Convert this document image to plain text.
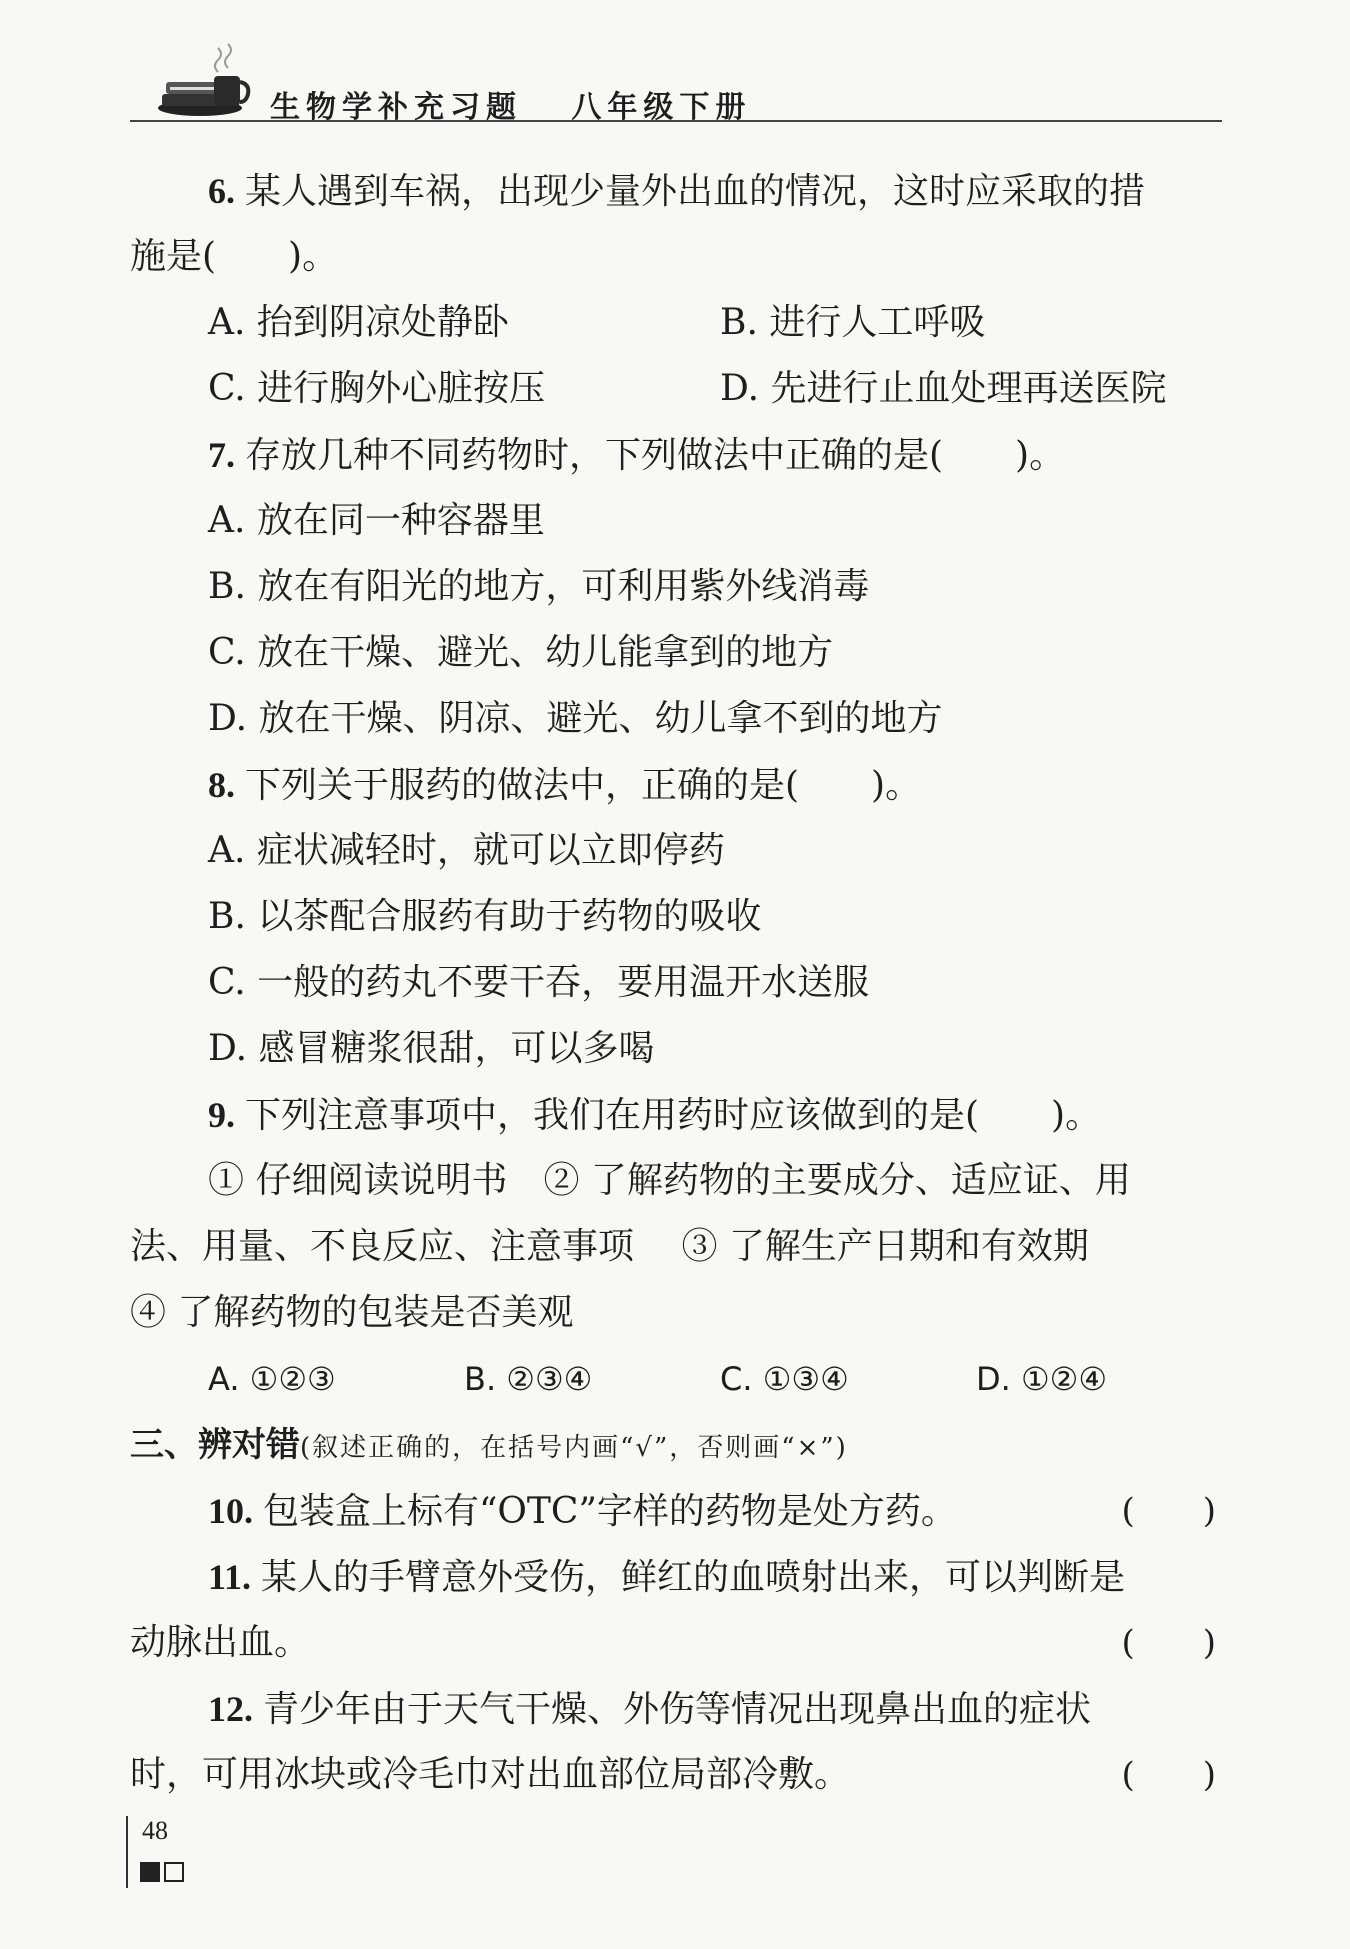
生物学补充习题   八年级下册
6. 某人遇到车祸，出现少量外出血的情况，这时应采取的措
施是(　　)。
A. 抬到阴凉处静卧	B. 进行人工呼吸
C. 进行胸外心脏按压	D. 先进行止血处理再送医院
7. 存放几种不同药物时，下列做法中正确的是(　　)。
A. 放在同一种容器里
B. 放在有阳光的地方，可利用紫外线消毒
C. 放在干燥、避光、幼儿能拿到的地方
D. 放在干燥、阴凉、避光、幼儿拿不到的地方
8. 下列关于服药的做法中，正确的是(　　)。
A. 症状减轻时，就可以立即停药
B. 以茶配合服药有助于药物的吸收
C. 一般的药丸不要干吞，要用温开水送服
D. 感冒糖浆很甜，可以多喝
9. 下列注意事项中，我们在用药时应该做到的是(　　)。
① 仔细阅读说明书　② 了解药物的主要成分、适应证、用
法、用量、不良反应、注意事项　 ③ 了解生产日期和有效期
④ 了解药物的包装是否美观
A. ①②③	B. ②③④	C. ①③④	D. ①②④
三、辨对错(叙述正确的，在括号内画“√”，否则画“×”)
10. 包装盒上标有“OTC”字样的药物是处方药。	(　　)
11. 某人的手臂意外受伤，鲜红的血喷射出来，可以判断是
动脉出血。	(　　)
12. 青少年由于天气干燥、外伤等情况出现鼻出血的症状
时，可用冰块或冷毛巾对出血部位局部冷敷。	(　　)
48
